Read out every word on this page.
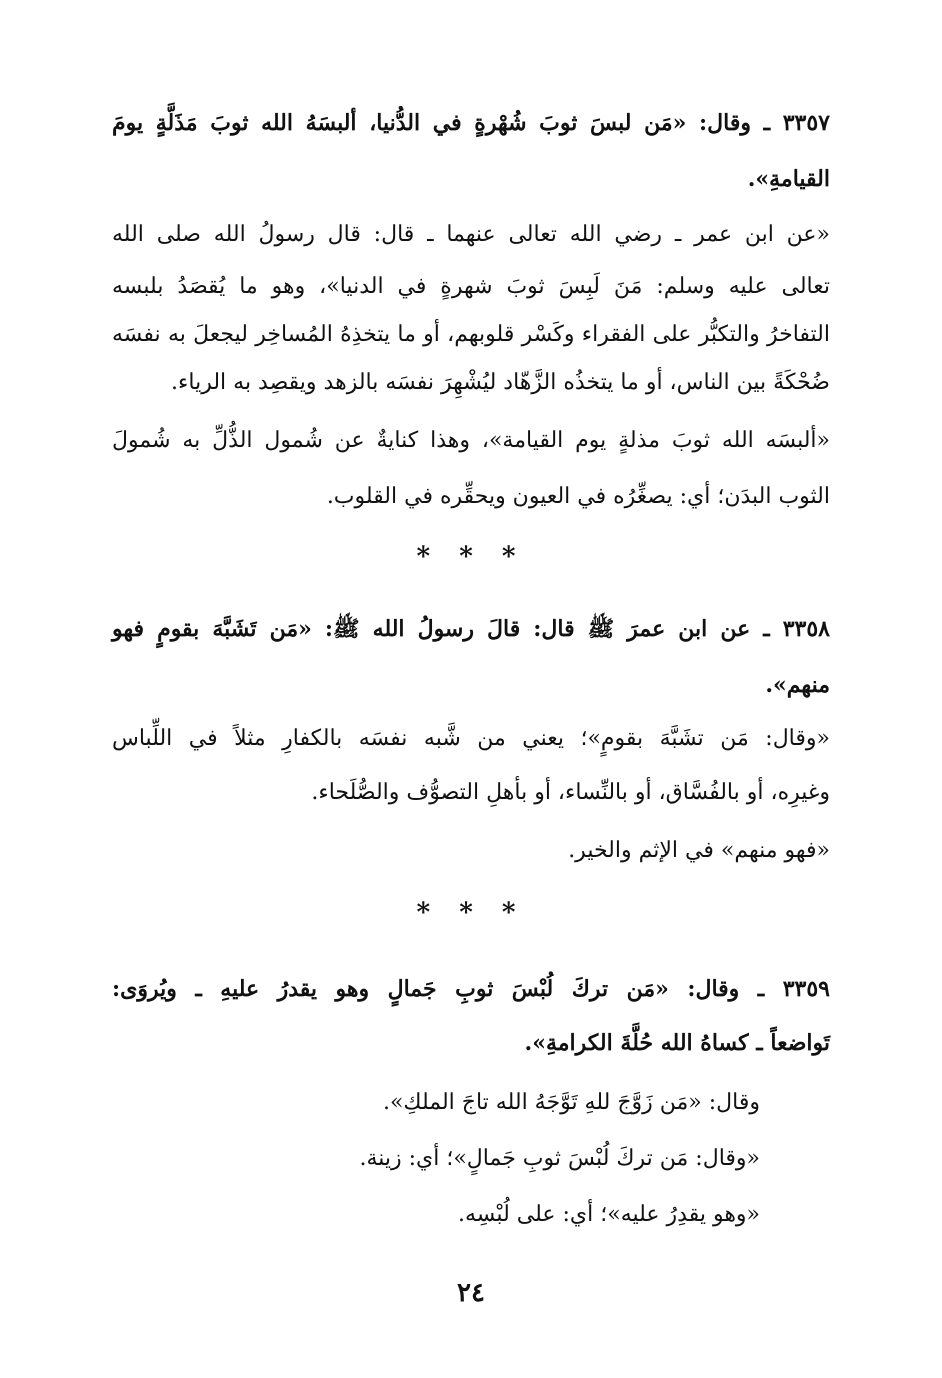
٣٣٥٧ ـ وقال: «مَن لبسَ ثوبَ شُهْرةٍ في الدُّنيا، ألبسَهُ الله ثوبَ مَذَلَّةٍ يومَ
القيامةِ».
«عن ابن عمر ـ رضي الله تعالى عنهما ـ قال: قال رسولُ الله صلى الله
تعالى عليه وسلم: مَنَ لَبِسَ ثوبَ شهرةٍ في الدنيا»، وهو ما يُقصَدُ بلبسه
التفاخرُ والتكبُّر على الفقراء وكَسْر قلوبهم، أو ما يتخذِهُ المُساخِر ليجعلَ به نفسَه
ضُحْكَةً بين الناس، أو ما يتخذُه الزَّهّاد ليُشْهِرَ نفسَه بالزهد ويقصِد به الرياء.
«ألبسَه الله ثوبَ مذلةٍ يوم القيامة»، وهذا كنايةٌ عن شُمول الذُّلِّ به شُمولَ
الثوب البدَن؛ أي: يصغِّرُه في العيون ويحقِّره في القلوب.
* * *
٣٣٥٨ ـ عن ابن عمرَ ﷺ قال: قالَ رسولُ الله ﷺ: «مَن تَشَبَّهَ بقومٍ فهو
منهم».
«وقال: مَن تشَبَّهَ بقومٍ»؛ يعني من شَّبه نفسَه بالكفارِ مثلاً في اللِّباس
وغيرِه، أو بالفُسَّاق، أو بالنِّساء، أو بأهلِ التصوُّف والصُّلَحاء.
«فهو منهم» في الإثم والخير.
* * *
٣٣٥٩ ـ وقال: «مَن تركَ لُبْسَ ثوبِ جَمالٍ وهو يقدرُ عليهِ ـ ويُروَى:
تَواضعاً ـ كساهُ الله حُلَّةَ الكرامةِ».
وقال: «مَن زَوَّجَ للهِ تَوَّجَهُ الله تاجَ الملكِ».
«وقال: مَن تركَ لُبْسَ ثوبِ جَمالٍ»؛ أي: زينة.
«وهو يقدِرُ عليه»؛ أي: على لُبْسِه.
٢٤
